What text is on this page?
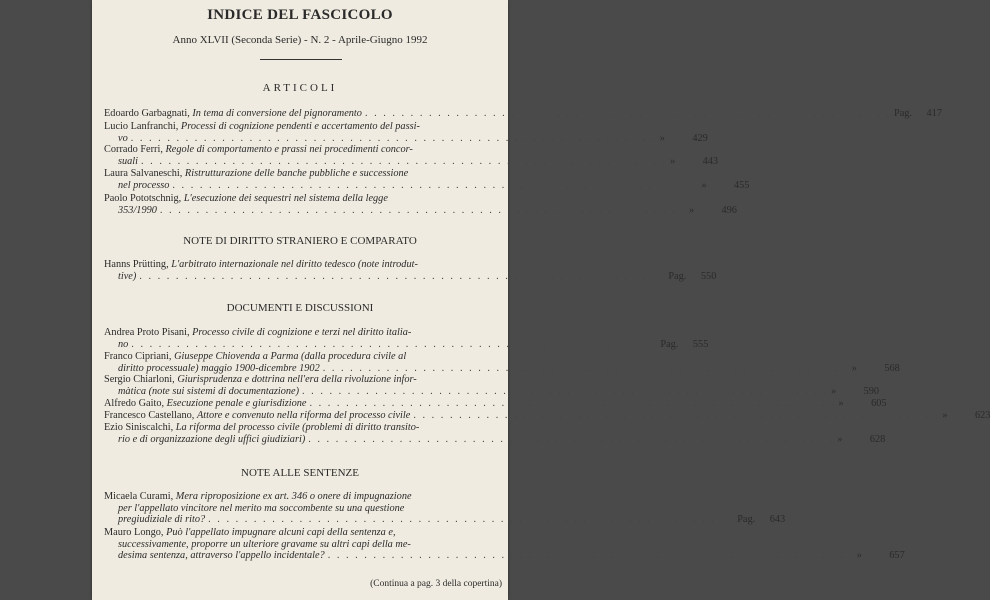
INDICE DEL FASCICOLO
Anno XLVII (Seconda Serie) - N. 2 - Aprile-Giugno 1992
ARTICOLI
Edoardo Garbagnati, In tema di conversione del pignoramento . . . . . . . . . . . . . . . . . . . . . . . . . . . . . . . . . . . . . . . . . . . . . . . . . . . . . . . . . . Pag.	417
Lucio Lanfranchi, Processi di cognizione pendenti e accertamento del passi-
vo . . . . . . . . . . . . . . . . . . . . . . . . . . . . . . . . . . . . . . . . . . . . . . . . . . . . . . . . . . »	429
Corrado Ferri, Regole di comportamento e prassi nei procedimenti concor-
suali . . . . . . . . . . . . . . . . . . . . . . . . . . . . . . . . . . . . . . . . . . . . . . . . . . . . . . . . . . »	443
Laura Salvaneschi, Ristrutturazione delle banche pubbliche e successione
nel processo . . . . . . . . . . . . . . . . . . . . . . . . . . . . . . . . . . . . . . . . . . . . . . . . . . . . . . . . . . »	455
Paolo Pototschnig, L'esecuzione dei sequestri nel sistema della legge
353/1990 . . . . . . . . . . . . . . . . . . . . . . . . . . . . . . . . . . . . . . . . . . . . . . . . . . . . . . . . . . »	496
NOTE DI DIRITTO STRANIERO E COMPARATO
Hanns Prütting, L'arbitrato internazionale nel diritto tedesco (note introdut-
tive) . . . . . . . . . . . . . . . . . . . . . . . . . . . . . . . . . . . . . . . . . . . . . . . . . . . . . . . . . . Pag.	550
DOCUMENTI E DISCUSSIONI
Andrea Proto Pisani, Processo civile di cognizione e terzi nel diritto italia-
no . . . . . . . . . . . . . . . . . . . . . . . . . . . . . . . . . . . . . . . . . . . . . . . . . . . . . . . . . . Pag.	555
Franco Cipriani, Giuseppe Chiovenda a Parma (dalla procedura civile al
diritto processuale) maggio 1900-dicembre 1902 . . . . . . . . . . . . . . . . . . . . . . . . . . . . . . . . . . . . . . . . . . . . . . . . . . . . . . . . . . »	568
Sergio Chiarloni, Giurisprudenza e dottrina nell'era della rivoluzione infor-
màtica (note sui sistemi di documentazione) . . . . . . . . . . . . . . . . . . . . . . . . . . . . . . . . . . . . . . . . . . . . . . . . . . . . . . . . . . »	590
Alfredo Gaito, Esecuzione penale e giurisdizione . . . . . . . . . . . . . . . . . . . . . . . . . . . . . . . . . . . . . . . . . . . . . . . . . . . . . . . . . . »	605
Francesco Castellano, Attore e convenuto nella riforma del processo civile . . . . . . . . . . . . . . . . . . . . . . . . . . . . . . . . . . . . . . . . . . . . . . . . . . . . . . . . . . »	623
Ezio Siniscalchi, La riforma del processo civile (problemi di diritto transito-
rio e di organizzazione degli uffici giudiziari) . . . . . . . . . . . . . . . . . . . . . . . . . . . . . . . . . . . . . . . . . . . . . . . . . . . . . . . . . . »	628
NOTE ALLE SENTENZE
Micaela Curami, Mera riproposizione ex art. 346 o onere di impugnazione
per l'appellato vincitore nel merito ma soccombente su una questione
pregiudiziale di rito? . . . . . . . . . . . . . . . . . . . . . . . . . . . . . . . . . . . . . . . . . . . . . . . . . . . . . . . . . . Pag.	643
Mauro Longo, Può l'appellato impugnare alcuni capi della sentenza e,
successivamente, proporre un ulteriore gravame su altri capi della me-
desima sentenza, attraverso l'appello incidentale? . . . . . . . . . . . . . . . . . . . . . . . . . . . . . . . . . . . . . . . . . . . . . . . . . . . . . . . . . . »	657
(Continua a pag. 3 della copertina)
